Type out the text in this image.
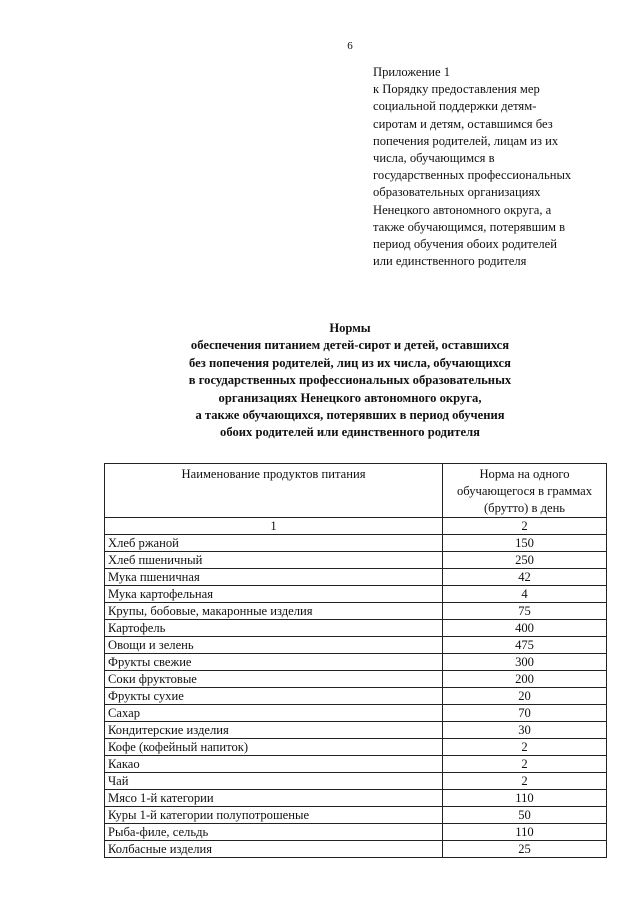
6
Приложение 1
к Порядку предоставления мер
социальной поддержки детям-
сиротам и детям, оставшимся без
попечения родителей, лицам из их
числа, обучающимся в
государственных профессиональных
образовательных организациях
Ненецкого автономного округа, а
также обучающимся, потерявшим в
период обучения обоих родителей
или единственного родителя
Нормы
обеспечения питанием детей-сирот и детей, оставшихся
без попечения родителей, лиц из их числа, обучающихся
в государственных профессиональных образовательных
организациях Ненецкого автономного округа,
а также обучающихся, потерявших в период обучения
обоих родителей или единственного родителя
Наименование продуктов питания	Норма на одного обучающегося в граммах (брутто) в день
1	2
Хлеб ржаной	150
Хлеб пшеничный	250
Мука пшеничная	42
Мука картофельная	4
Крупы, бобовые, макаронные изделия	75
Картофель	400
Овощи и зелень	475
Фрукты свежие	300
Соки фруктовые	200
Фрукты сухие	20
Сахар	70
Кондитерские изделия	30
Кофе (кофейный напиток)	2
Какао	2
Чай	2
Мясо 1-й категории	110
Куры 1-й категории полупотрошеные	50
Рыба-филе, сельдь	110
Колбасные изделия	25
